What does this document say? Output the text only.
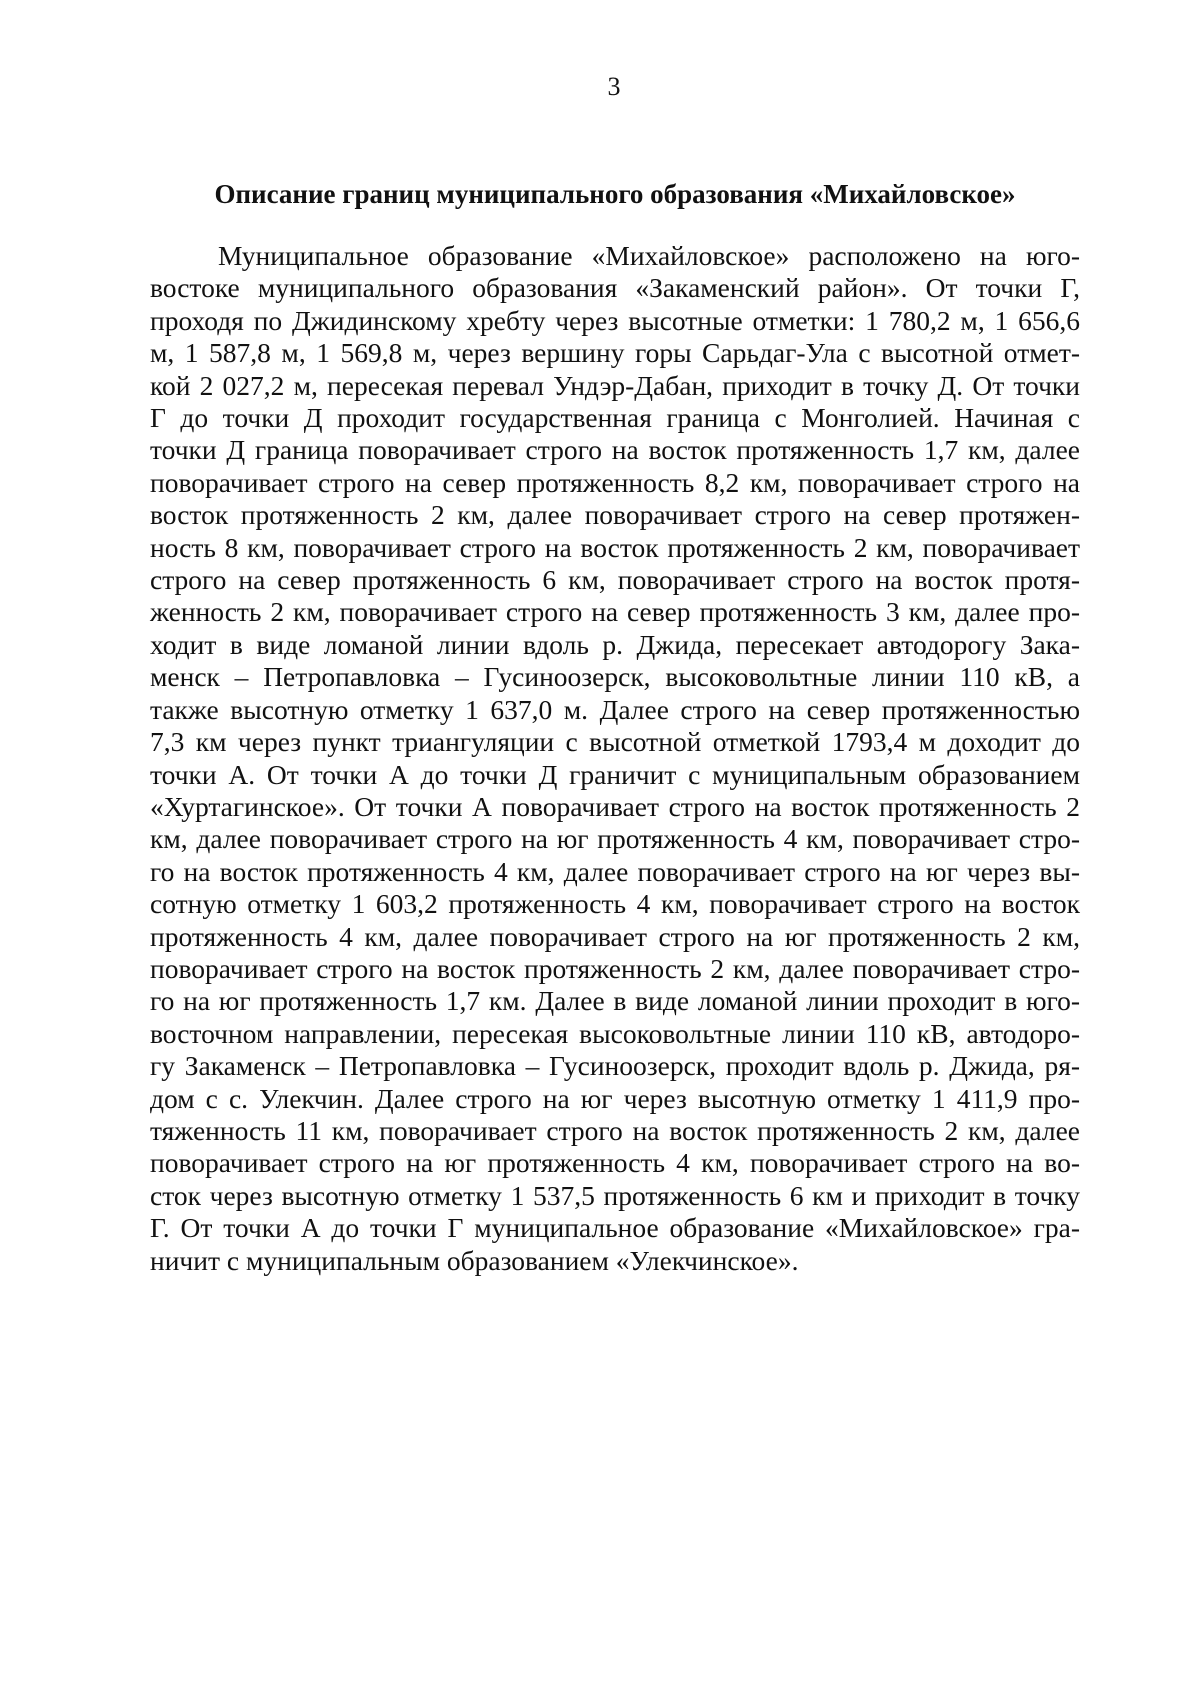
3
Описание границ муниципального образования «Михайловское»
Муниципальное образование «Михайловское» расположено на юго-
востоке муниципального образования «Закаменский район». От точки Г,
проходя по Джидинскому хребту через высотные отметки: 1 780,2 м, 1 656,6
м, 1 587,8 м, 1 569,8 м, через вершину горы Сарьдаг-Ула с высотной отмет-
кой 2 027,2 м, пересекая перевал Ундэр-Дабан, приходит в точку Д. От точки
Г до точки Д проходит государственная граница с Монголией. Начиная с
точки Д граница поворачивает строго на восток протяженность 1,7 км, далее
поворачивает строго на север протяженность 8,2 км, поворачивает строго на
восток протяженность 2 км, далее поворачивает строго на север протяжен-
ность 8 км, поворачивает строго на восток протяженность 2 км, поворачивает
строго на север протяженность 6 км, поворачивает строго на восток протя-
женность 2 км, поворачивает строго на север протяженность 3 км, далее про-
ходит в виде ломаной линии вдоль р. Джида, пересекает автодорогу Зака-
менск – Петропавловка – Гусиноозерск, высоковольтные линии 110 кВ, а
также высотную отметку 1 637,0 м. Далее строго на север протяженностью
7,3 км через пункт триангуляции с высотной отметкой 1793,4 м доходит до
точки А. От точки А до точки Д граничит с муниципальным образованием
«Хуртагинское». От точки А поворачивает строго на восток протяженность 2
км, далее поворачивает строго на юг протяженность 4 км, поворачивает стро-
го на восток протяженность 4 км, далее поворачивает строго на юг через вы-
сотную отметку 1 603,2 протяженность 4 км, поворачивает строго на восток
протяженность 4 км, далее поворачивает строго на юг протяженность 2 км,
поворачивает строго на восток протяженность 2 км, далее поворачивает стро-
го на юг протяженность 1,7 км. Далее в виде ломаной линии проходит в юго-
восточном направлении, пересекая высоковольтные линии 110 кВ, автодоро-
гу Закаменск – Петропавловка – Гусиноозерск, проходит вдоль р. Джида, ря-
дом с с. Улекчин. Далее строго на юг через высотную отметку 1 411,9 про-
тяженность 11 км, поворачивает строго на восток протяженность 2 км, далее
поворачивает строго на юг протяженность 4 км, поворачивает строго на во-
сток через высотную отметку 1 537,5 протяженность 6 км и приходит в точку
Г. От точки А до точки Г муниципальное образование «Михайловское» гра-
ничит с муниципальным образованием «Улекчинское».
